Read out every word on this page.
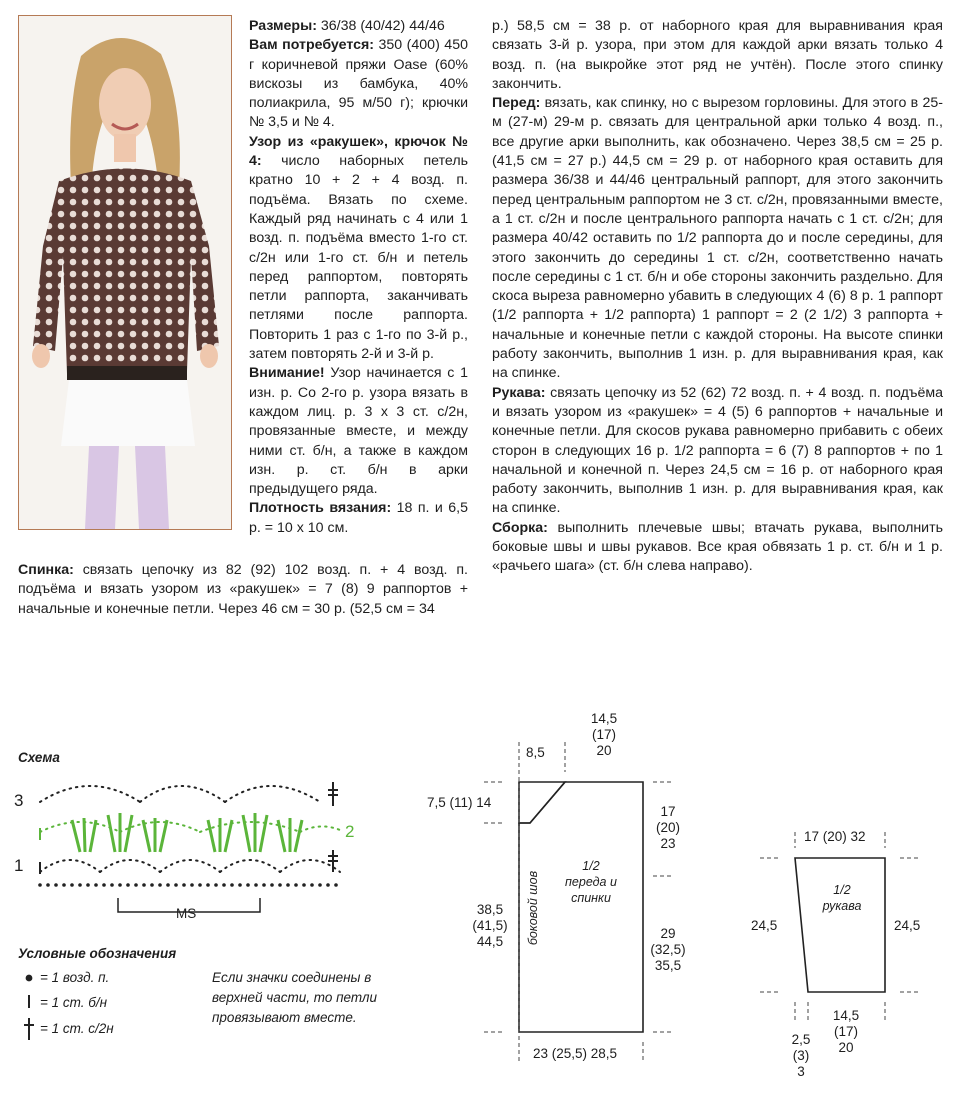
Размеры: 36/38 (40/42) 44/46

Вам потребуется: 350 (400) 450 г коричневой пряжи Oase (60% вискозы из бамбука, 40% полиакрила, 95 м/50 г); крючки № 3,5 и № 4.

Узор из «ракушек», крючок № 4: число наборных петель кратно 10 + 2 + 4 возд. п. подъёма. Вязать по схеме. Каждый ряд начинать с 4 или 1 возд. п. подъёма вместо 1-го ст. с/2н или 1-го ст. б/н и петель перед раппортом, повторять петли раппорта, заканчивать петлями после раппорта. Повторить 1 раз с 1-го по 3-й р., затем повторять 2-й и 3-й р.

Внимание! Узор начинается с 1 изн. р. Со 2-го р. узора вязать в каждом лиц. р. 3 х 3 ст. с/2н, провязанные вместе, и между ними ст. б/н, а также в каждом изн. р. ст. б/н в арки предыдущего ряда.

Плотность вязания: 18 п. и 6,5 р. = 10 х 10 см.

Спинка: связать цепочку из 82 (92) 102 возд. п. + 4 возд. п. подъёма и вязать узором из «ракушек» = 7 (8) 9 раппортов + начальные и конечные петли. Через 46 см = 30 р. (52,5 см = 34

р.) 58,5 см = 38 р. от наборного края для выравнивания края связать 3-й р. узора, при этом для каждой арки вязать только 4 возд. п. (на выкройке этот ряд не учтён). После этого спинку закончить.

Перед: вязать, как спинку, но с вырезом горловины. Для этого в 25-м (27-м) 29-м р. связать для центральной арки только 4 возд. п., все другие арки выполнить, как обозначено. Через 38,5 см = 25 р. (41,5 см = 27 р.) 44,5 см = 29 р. от наборного края оставить для размера 36/38 и 44/46 центральный раппорт, для этого закончить перед центральным раппортом не 3 ст. с/2н, провязанными вместе, а 1 ст. с/2н и после центрального раппорта начать с 1 ст. с/2н; для размера 40/42 оставить по 1/2 раппорта до и после середины, для этого закончить до середины 1 ст. с/2н, соответственно начать после середины с 1 ст. б/н и обе стороны закончить раздельно. Для скоса выреза равномерно убавить в следующих 4 (6) 8 р. 1 раппорт (1/2 раппорта + 1/2 раппорта) 1 раппорт = 2 (2 1/2) 3 раппорта + начальные и конечные петли с каждой стороны. На высоте спинки работу закончить, выполнив 1 изн. р. для выравнивания края, как на спинке.

Рукава: связать цепочку из 52 (62) 72 возд. п. + 4 возд. п. подъёма и вязать узором из «ракушек» = 4 (5) 6 раппортов + начальные и конечные петли. Для скосов рукава равномерно прибавить с обеих сторон в следующих 16 р. 1/2 раппорта = 6 (7) 8 раппортов + по 1 начальной и конечной п. Через 24,5 см = 16 р. от наборного края работу закончить, выполнив 1 изн. р. для выравнивания края, как на спинке.

Сборка: выполнить плечевые швы; втачать рукава, выполнить боковые швы и швы рукавов. Все края обвязать 1 р. ст. б/н и 1 р. «рачьего шага» (ст. б/н слева направо).

Схема
3
2
1
MS
Условные обозначения
= 1 возд. п.
= 1 ст. б/н
= 1 ст. с/2н
Если значки соединены в
верхней части, то петли
провязывают вместе.
14,5
(17)
20
8,5
7,5 (11) 14
17
(20)
23
38,5
(41,5)
44,5
29
(32,5)
35,5
23 (25,5) 28,5
1/2
переда и
спинки
боковой шов
17 (20) 32
24,5	24,5
14,5
(17)
20
2,5
(3)
3
1/2
рукава
